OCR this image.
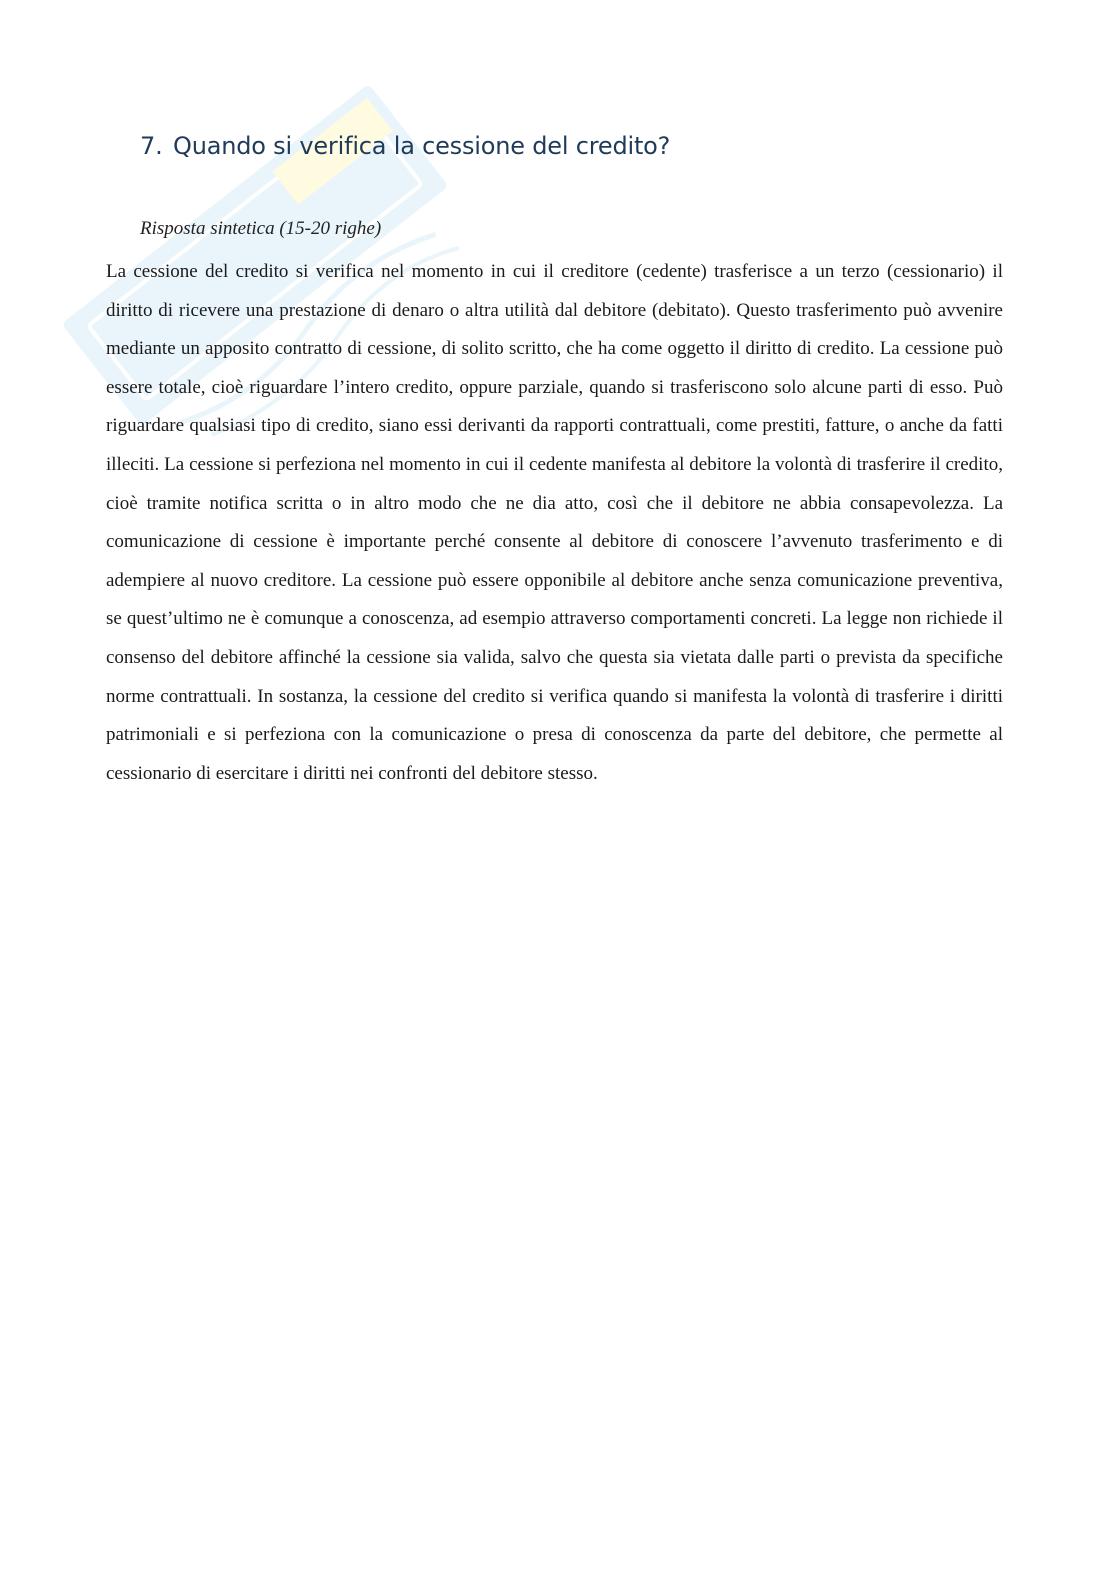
7. Quando si verifica la cessione del credito?

Risposta sintetica (15-20 righe)

La cessione del credito si verifica nel momento in cui il creditore (cedente) trasferisce a un terzo (cessionario) il diritto di ricevere una prestazione di denaro o altra utilità dal debitore (debitato). Questo trasferimento può avvenire mediante un apposito contratto di cessione, di solito scritto, che ha come oggetto il diritto di credito. La cessione può essere totale, cioè riguardare l’intero credito, oppure parziale, quando si trasferiscono solo alcune parti di esso. Può riguardare qualsiasi tipo di credito, siano essi derivanti da rapporti contrattuali, come prestiti, fatture, o anche da fatti illeciti. La cessione si perfeziona nel momento in cui il cedente manifesta al debitore la volontà di trasferire il credito, cioè tramite notifica scritta o in altro modo che ne dia atto, così che il debitore ne abbia consapevolezza. La comunicazione di cessione è importante perché consente al debitore di conoscere l’avvenuto trasferimento e di adempiere al nuovo creditore. La cessione può essere opponibile al debitore anche senza comunicazione preventiva, se quest’ultimo ne è comunque a conoscenza, ad esempio attraverso comportamenti concreti. La legge non richiede il consenso del debitore affinché la cessione sia valida, salvo che questa sia vietata dalle parti o prevista da specifiche norme contrattuali. In sostanza, la cessione del credito si verifica quando si manifesta la volontà di trasferire i diritti patrimoniali e si perfeziona con la comunicazione o presa di conoscenza da parte del debitore, che permette al cessionario di esercitare i diritti nei confronti del debitore stesso.
